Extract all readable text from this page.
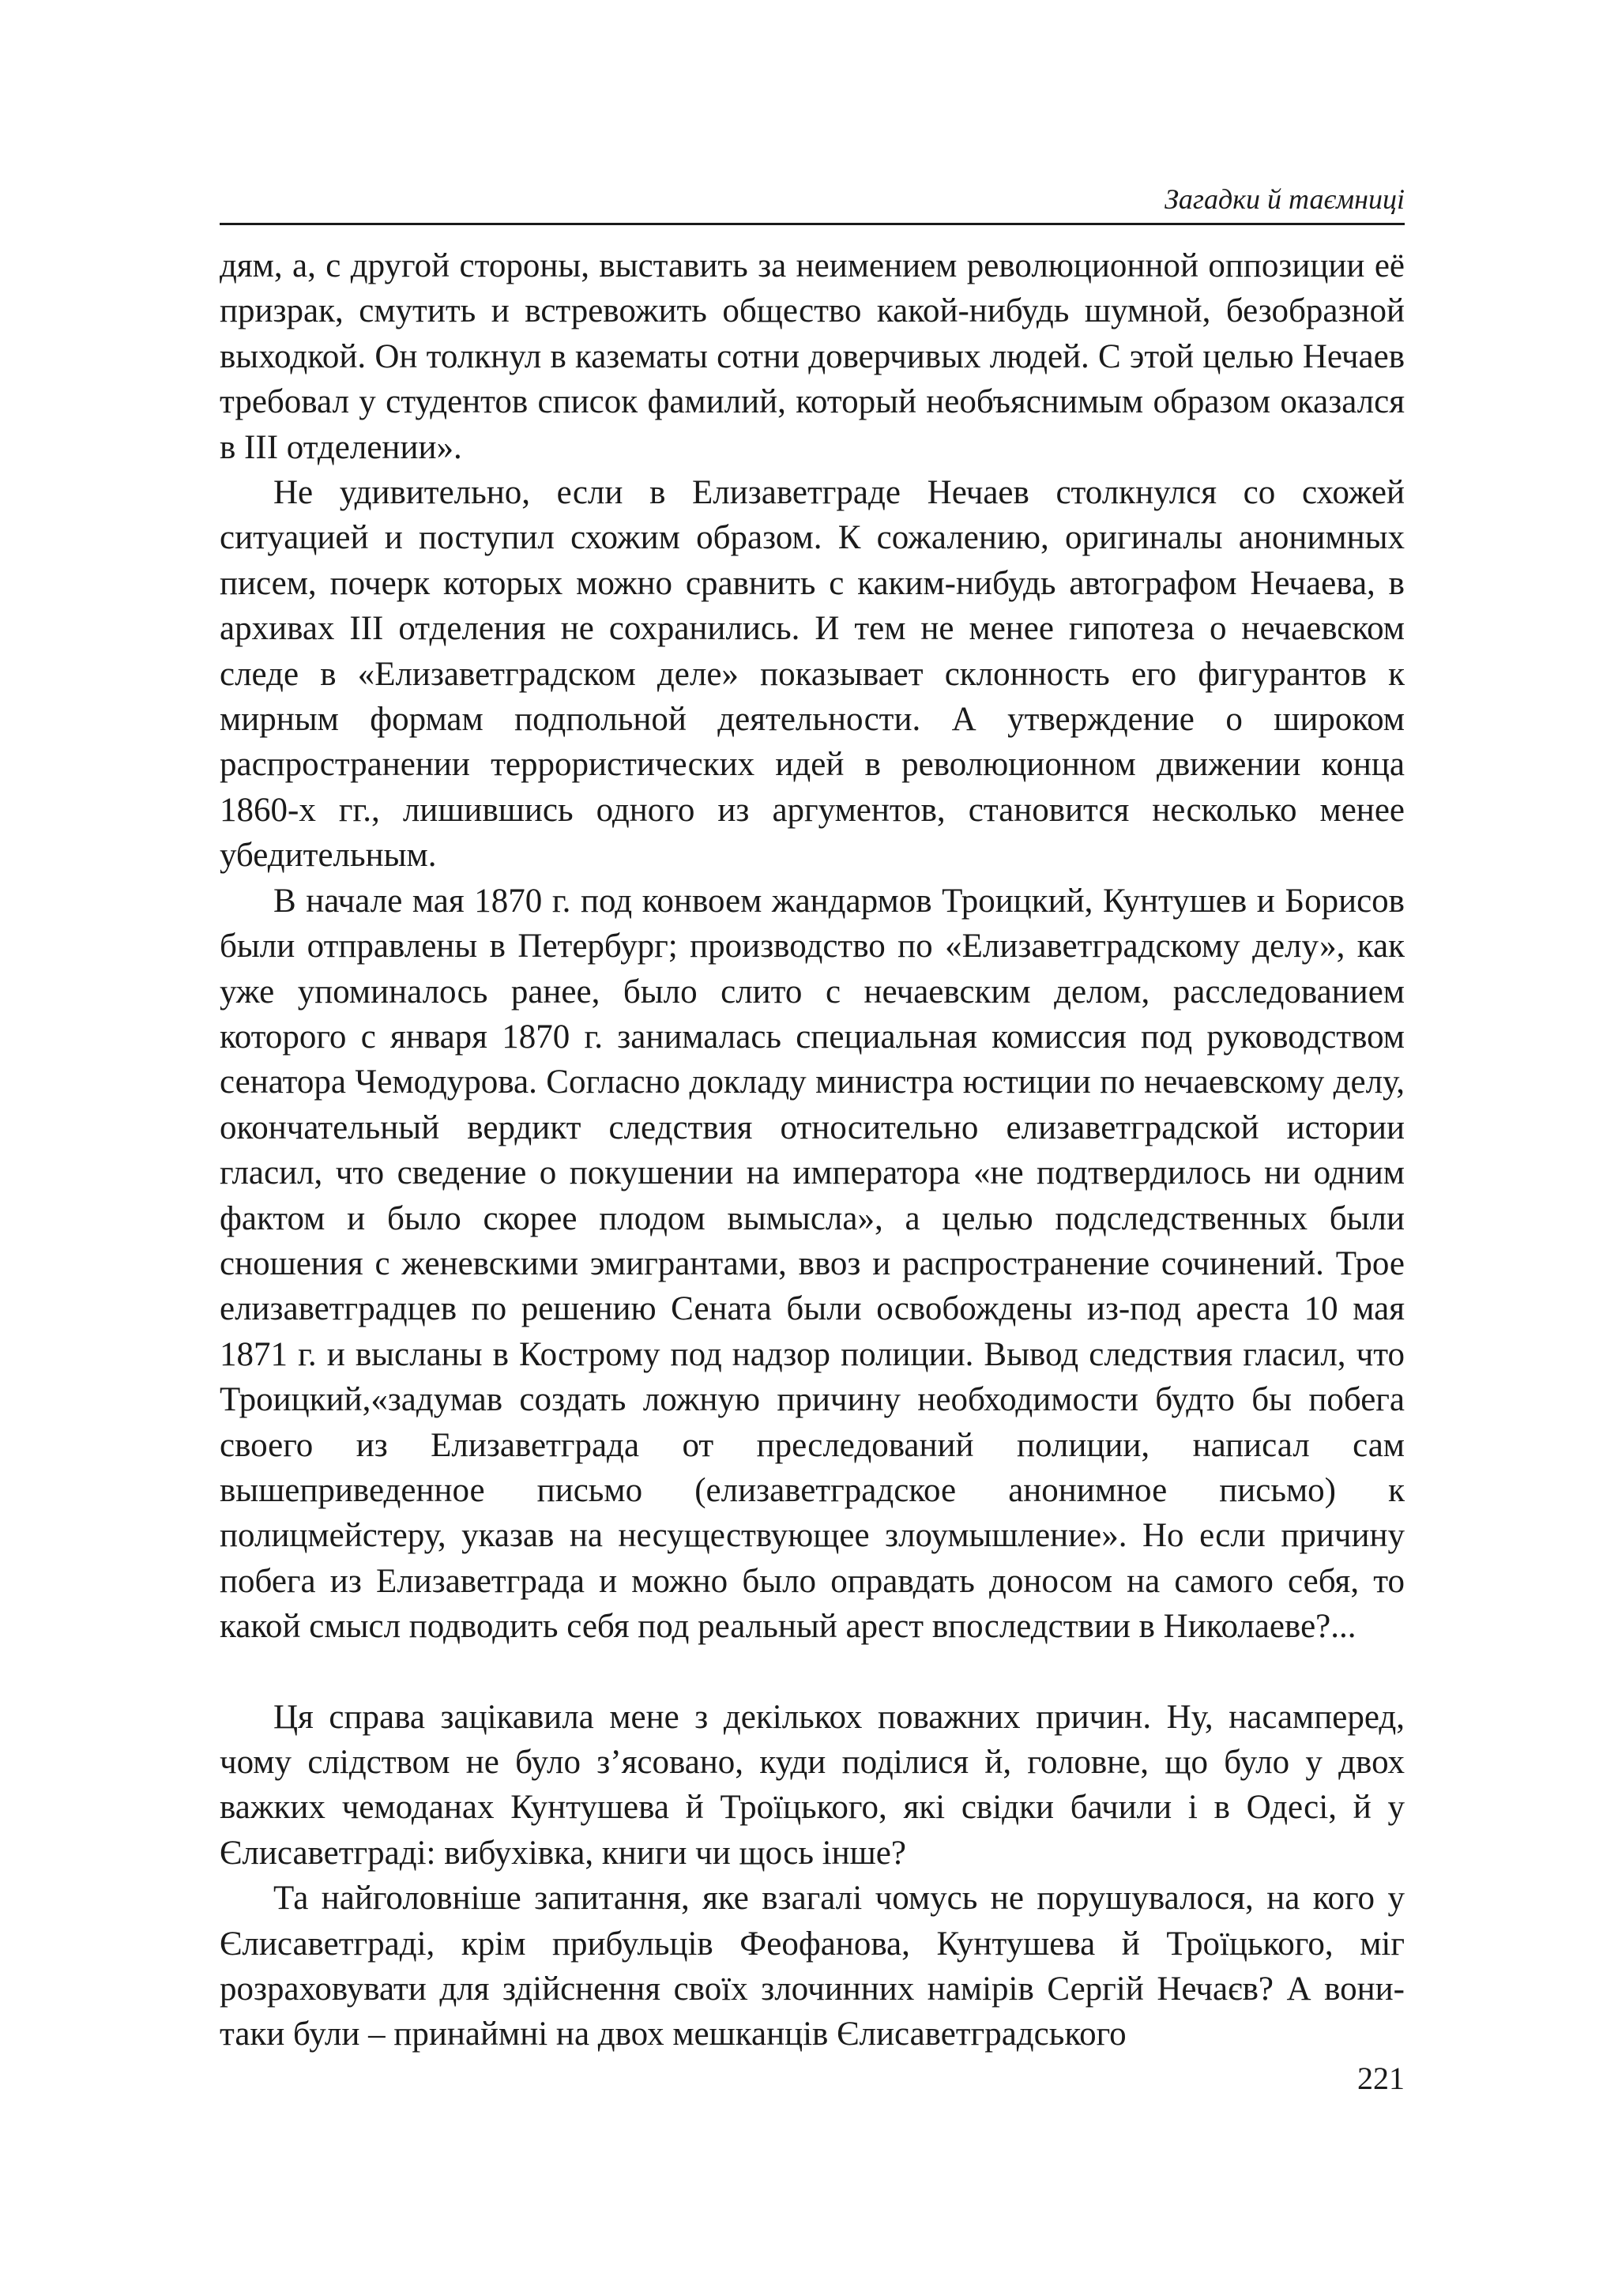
Загадки й таємниці

дям, а, с другой стороны, выставить за неимением революционной оппозиции её призрак, смутить и встревожить общество какой-нибудь шумной, безобразной выходкой. Он толкнул в казематы сотни доверчивых людей. С этой целью Нечаев требовал у студентов список фамилий, который необъяснимым образом оказался в III отделении».

Не удивительно, если в Елизаветграде Нечаев столкнулся со схожей ситуацией и поступил схожим образом. К сожалению, оригиналы анонимных писем, почерк которых можно сравнить с каким-нибудь автографом Нечаева, в архивах III отделения не сохранились. И тем не менее гипотеза о нечаевском следе в «Елизаветградском деле» показывает склонность его фигурантов к мирным формам подпольной деятельности. А утверждение о широком распространении террористических идей в революционном движении конца 1860-х гг., лишившись одного из аргументов, становится несколько менее убедительным.

В начале мая 1870 г. под конвоем жандармов Троицкий, Кунтушев и Борисов были отправлены в Петербург; производство по «Елизаветградскому делу», как уже упоминалось ранее, было слито с нечаевским делом, расследованием которого с января 1870 г. занималась специальная комиссия под руководством сенатора Чемодурова. Согласно докладу министра юстиции по нечаевскому делу, окончательный вердикт следствия относительно елизаветградской истории гласил, что сведение о покушении на императора «не подтвердилось ни одним фактом и было скорее плодом вымысла», а целью подследственных были сношения с женевскими эмигрантами, ввоз и распространение сочинений. Трое елизаветградцев по решению Сената были освобождены из-под ареста 10 мая 1871 г. и высланы в Кострому под надзор полиции. Вывод следствия гласил, что Троицкий,«задумав создать ложную причину необходимости будто бы побега своего из Елизаветграда от преследований полиции, написал сам вышеприведенное письмо (елизаветградское анонимное письмо) к полицмейстеру, указав на несуществующее злоумышление». Но если причину побега из Елизаветграда и можно было оправдать доносом на самого себя, то какой смысл подводить себя под реальный арест впоследствии в Николаеве?...

Ця справа зацікавила мене з декількох поважних причин. Ну, насамперед, чому слідством не було з’ясовано, куди поділися й, головне, що було у двох важких чемоданах Кунтушева й Троїцького, які свідки бачили і в Одесі, й у Єлисаветграді: вибухівка, книги чи щось інше?

Та найголовніше запитання, яке взагалі чомусь не порушувалося, на кого у Єлисаветграді, крім прибульців Феофанова, Кунтушева й Троїцького, міг розраховувати для здійснення своїх злочинних намірів Сергій Нечаєв? А вони-таки були – принаймні на двох мешканців Єлисаветградського

221
